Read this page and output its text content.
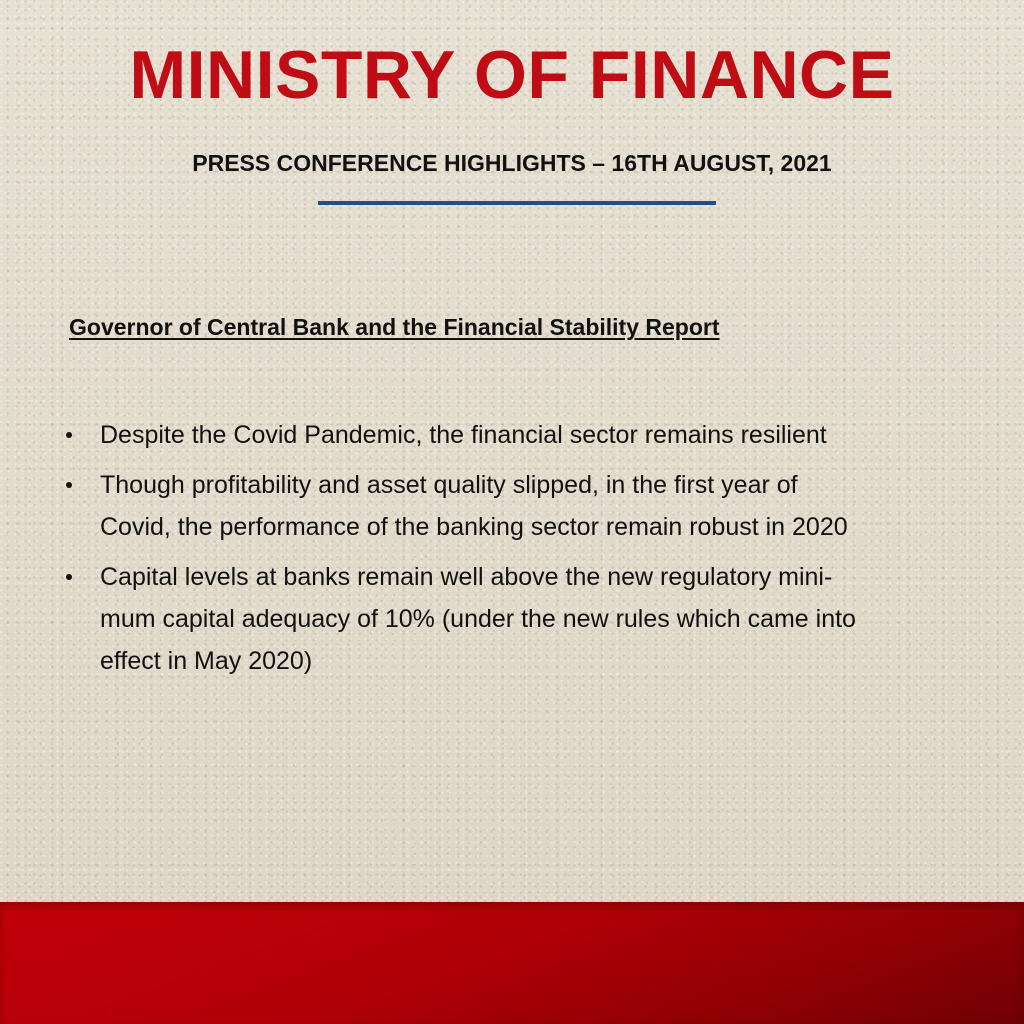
MINISTRY OF FINANCE
PRESS CONFERENCE HIGHLIGHTS – 16TH AUGUST, 2021
Governor of Central Bank and the Financial Stability Report
Despite the Covid Pandemic, the financial sector remains resilient
Though profitability and asset quality slipped, in the first year of
Covid, the performance of the banking sector remain robust in 2020
Capital levels at banks remain well above the new regulatory mini-
mum capital adequacy of 10% (under the new rules which came into
effect in May 2020)
